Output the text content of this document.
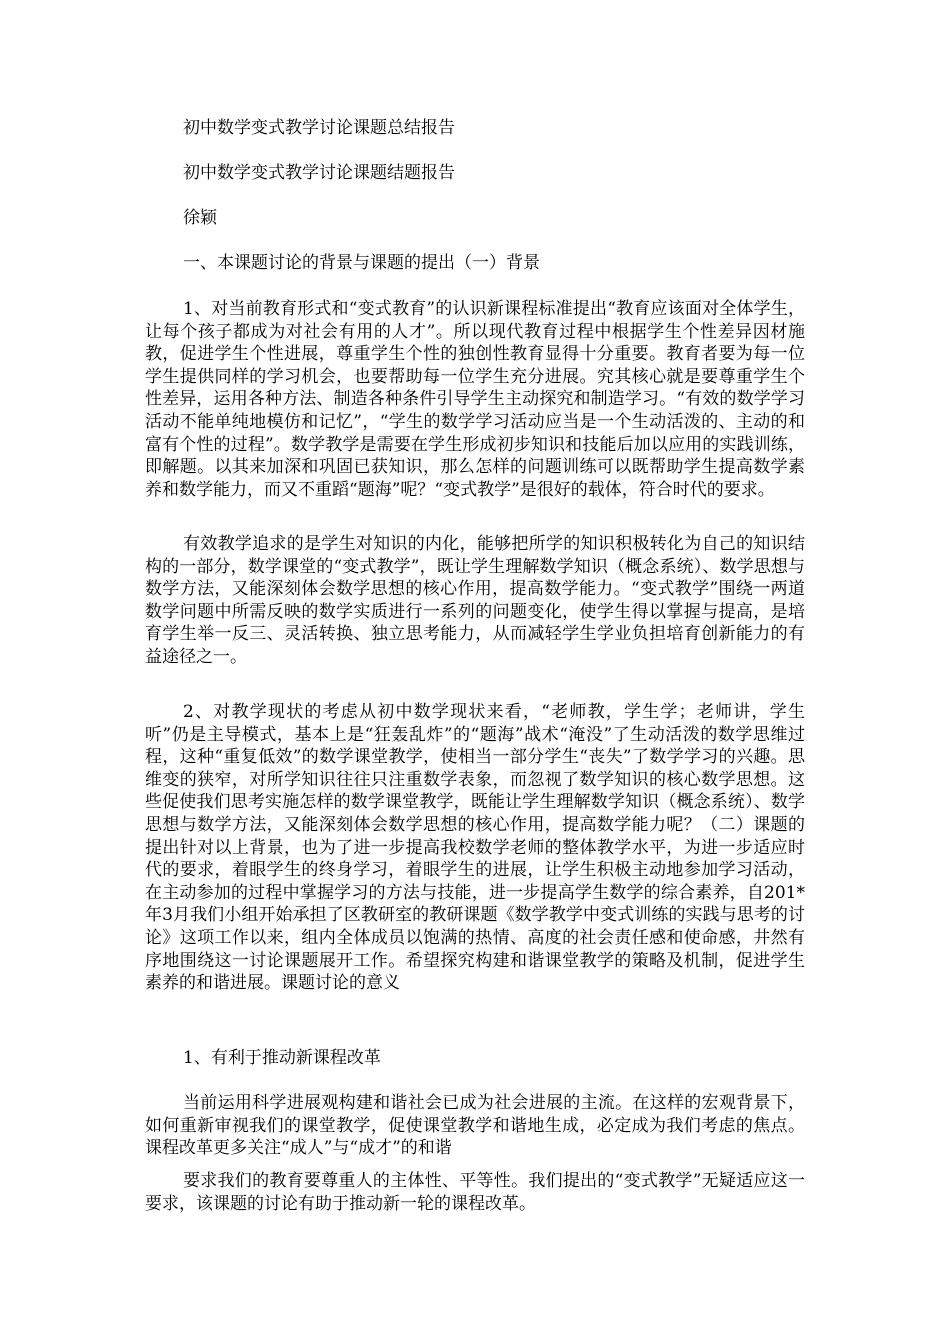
初中数学变式教学讨论课题总结报告
初中数学变式教学讨论课题结题报告
徐颖
一、本课题讨论的背景与课题的提出（一）背景

1、对当前教育形式和“变式教育”的认识新课程标准提出“教育应该面对全体学生，让每个孩子都成为对社会有用的人才”。所以现代教育过程中根据学生个性差异因材施教，促进学生个性进展，尊重学生个性的独创性教育显得十分重要。教育者要为每一位学生提供同样的学习机会，也要帮助每一位学生充分进展。究其核心就是要尊重学生个性差异，运用各种方法、制造各种条件引导学生主动探究和制造学习。“有效的数学学习活动不能单纯地模仿和记忆”，“学生的数学学习活动应当是一个生动活泼的、主动的和富有个性的过程”。数学教学是需要在学生形成初步知识和技能后加以应用的实践训练，即解题。以其来加深和巩固已获知识，那么怎样的问题训练可以既帮助学生提高数学素养和数学能力，而又不重蹈“题海”呢？“变式教学”是很好的载体，符合时代的要求。

有效教学追求的是学生对知识的内化，能够把所学的知识积极转化为自己的知识结构的一部分，数学课堂的“变式教学”，既让学生理解数学知识（概念系统）、数学思想与数学方法，又能深刻体会数学思想的核心作用，提高数学能力。“变式教学”围绕一两道数学问题中所需反映的数学实质进行一系列的问题变化，使学生得以掌握与提高，是培育学生举一反三、灵活转换、独立思考能力，从而减轻学生学业负担培育创新能力的有益途径之一。

2、对教学现状的考虑从初中数学现状来看，“老师教，学生学；老师讲，学生听”仍是主导模式，基本上是“狂轰乱炸”的“题海”战术“淹没”了生动活泼的数学思维过程，这种“重复低效”的数学课堂教学，使相当一部分学生“丧失”了数学学习的兴趣。思维变的狭窄，对所学知识往往只注重数学表象，而忽视了数学知识的核心数学思想。这些促使我们思考实施怎样的数学课堂教学，既能让学生理解数学知识（概念系统）、数学思想与数学方法，又能深刻体会数学思想的核心作用，提高数学能力呢？（二）课题的提出针对以上背景，也为了进一步提高我校数学老师的整体教学水平，为进一步适应时代的要求，着眼学生的终身学习，着眼学生的进展，让学生积极主动地参加学习活动，在主动参加的过程中掌握学习的方法与技能，进一步提高学生数学的综合素养，自201*年3月我们小组开始承担了区教研室的教研课题《数学教学中变式训练的实践与思考的讨论》这项工作以来，组内全体成员以饱满的热情、高度的社会责任感和使命感，井然有序地围绕这一讨论课题展开工作。希望探究构建和谐课堂教学的策略及机制，促进学生素养的和谐进展。课题讨论的意义

1、有利于推动新课程改革

当前运用科学进展观构建和谐社会已成为社会进展的主流。在这样的宏观背景下，如何重新审视我们的课堂教学，促使课堂教学和谐地生成，必定成为我们考虑的焦点。课程改革更多关注“成人”与“成才”的和谐

要求我们的教育要尊重人的主体性、平等性。我们提出的“变式教学”无疑适应这一要求，该课题的讨论有助于推动新一轮的课程改革。
